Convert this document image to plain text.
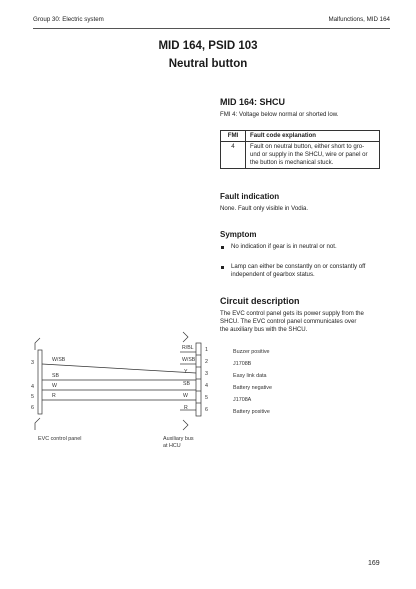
Group 30: Electric system	Malfunctions, MID 164
MID 164, PSID 103
Neutral button
MID 164: SHCU
FMI 4: Voltage below normal or shorted low.
FMI	Fault code explanation
4	Fault on neutral button, either short to gro-
und or supply in the SHCU, wire or panel or
the button is mechanical stuck.
Fault indication
None. Fault only visible in Vodia.
Symptom
No indication if gear is in neutral or not.
Lamp can either be constantly on or constantly off
independent of gearbox status.
Circuit description
The EVC control panel gets its power supply from the
SHCU. The EVC control panel communicates over
the auxiliary bus with the SHCU.
3
4
5
6
W/SB
SB
W
R
R/BL
W/SB
Y
SB
W
R
1
2
3
4
5
6
Buzzer positive
J1708B
Easy link data
Battery negative
J1708A
Battery positive
EVC control panel	Auxiliary bus
at HCU
169
